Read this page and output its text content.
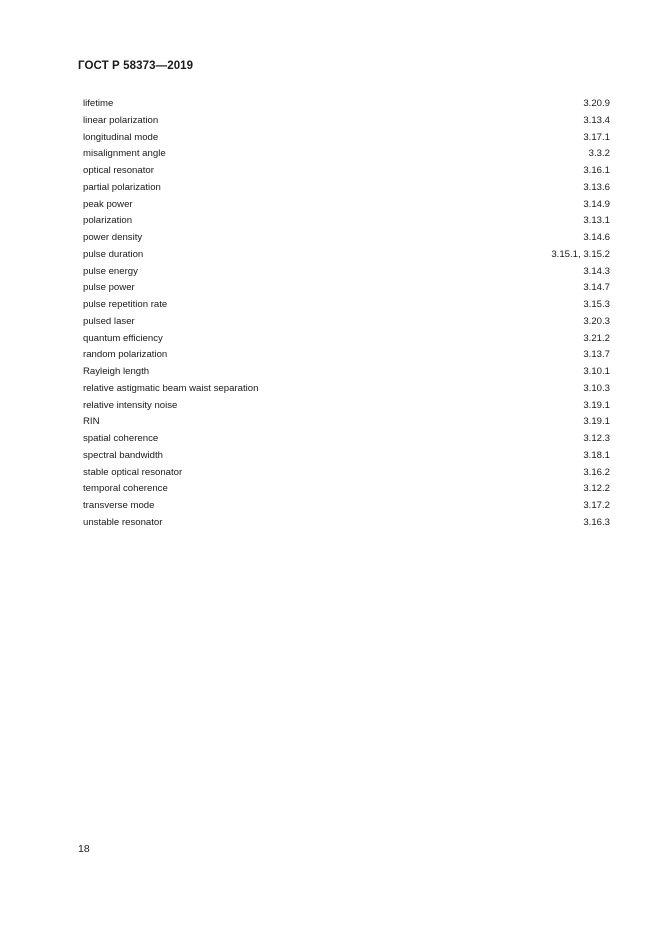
ГОСТ Р 58373—2019
lifetime	3.20.9
linear polarization	3.13.4
longitudinal mode	3.17.1
misalignment angle	3.3.2
optical resonator	3.16.1
partial polarization	3.13.6
peak power	3.14.9
polarization	3.13.1
power density	3.14.6
pulse duration	3.15.1, 3.15.2
pulse energy	3.14.3
pulse power	3.14.7
pulse repetition rate	3.15.3
pulsed laser	3.20.3
quantum efficiency	3.21.2
random polarization	3.13.7
Rayleigh length	3.10.1
relative astigmatic beam waist separation	3.10.3
relative intensity noise	3.19.1
RIN	3.19.1
spatial coherence	3.12.3
spectral bandwidth	3.18.1
stable optical resonator	3.16.2
temporal coherence	3.12.2
transverse mode	3.17.2
unstable resonator	3.16.3
18
